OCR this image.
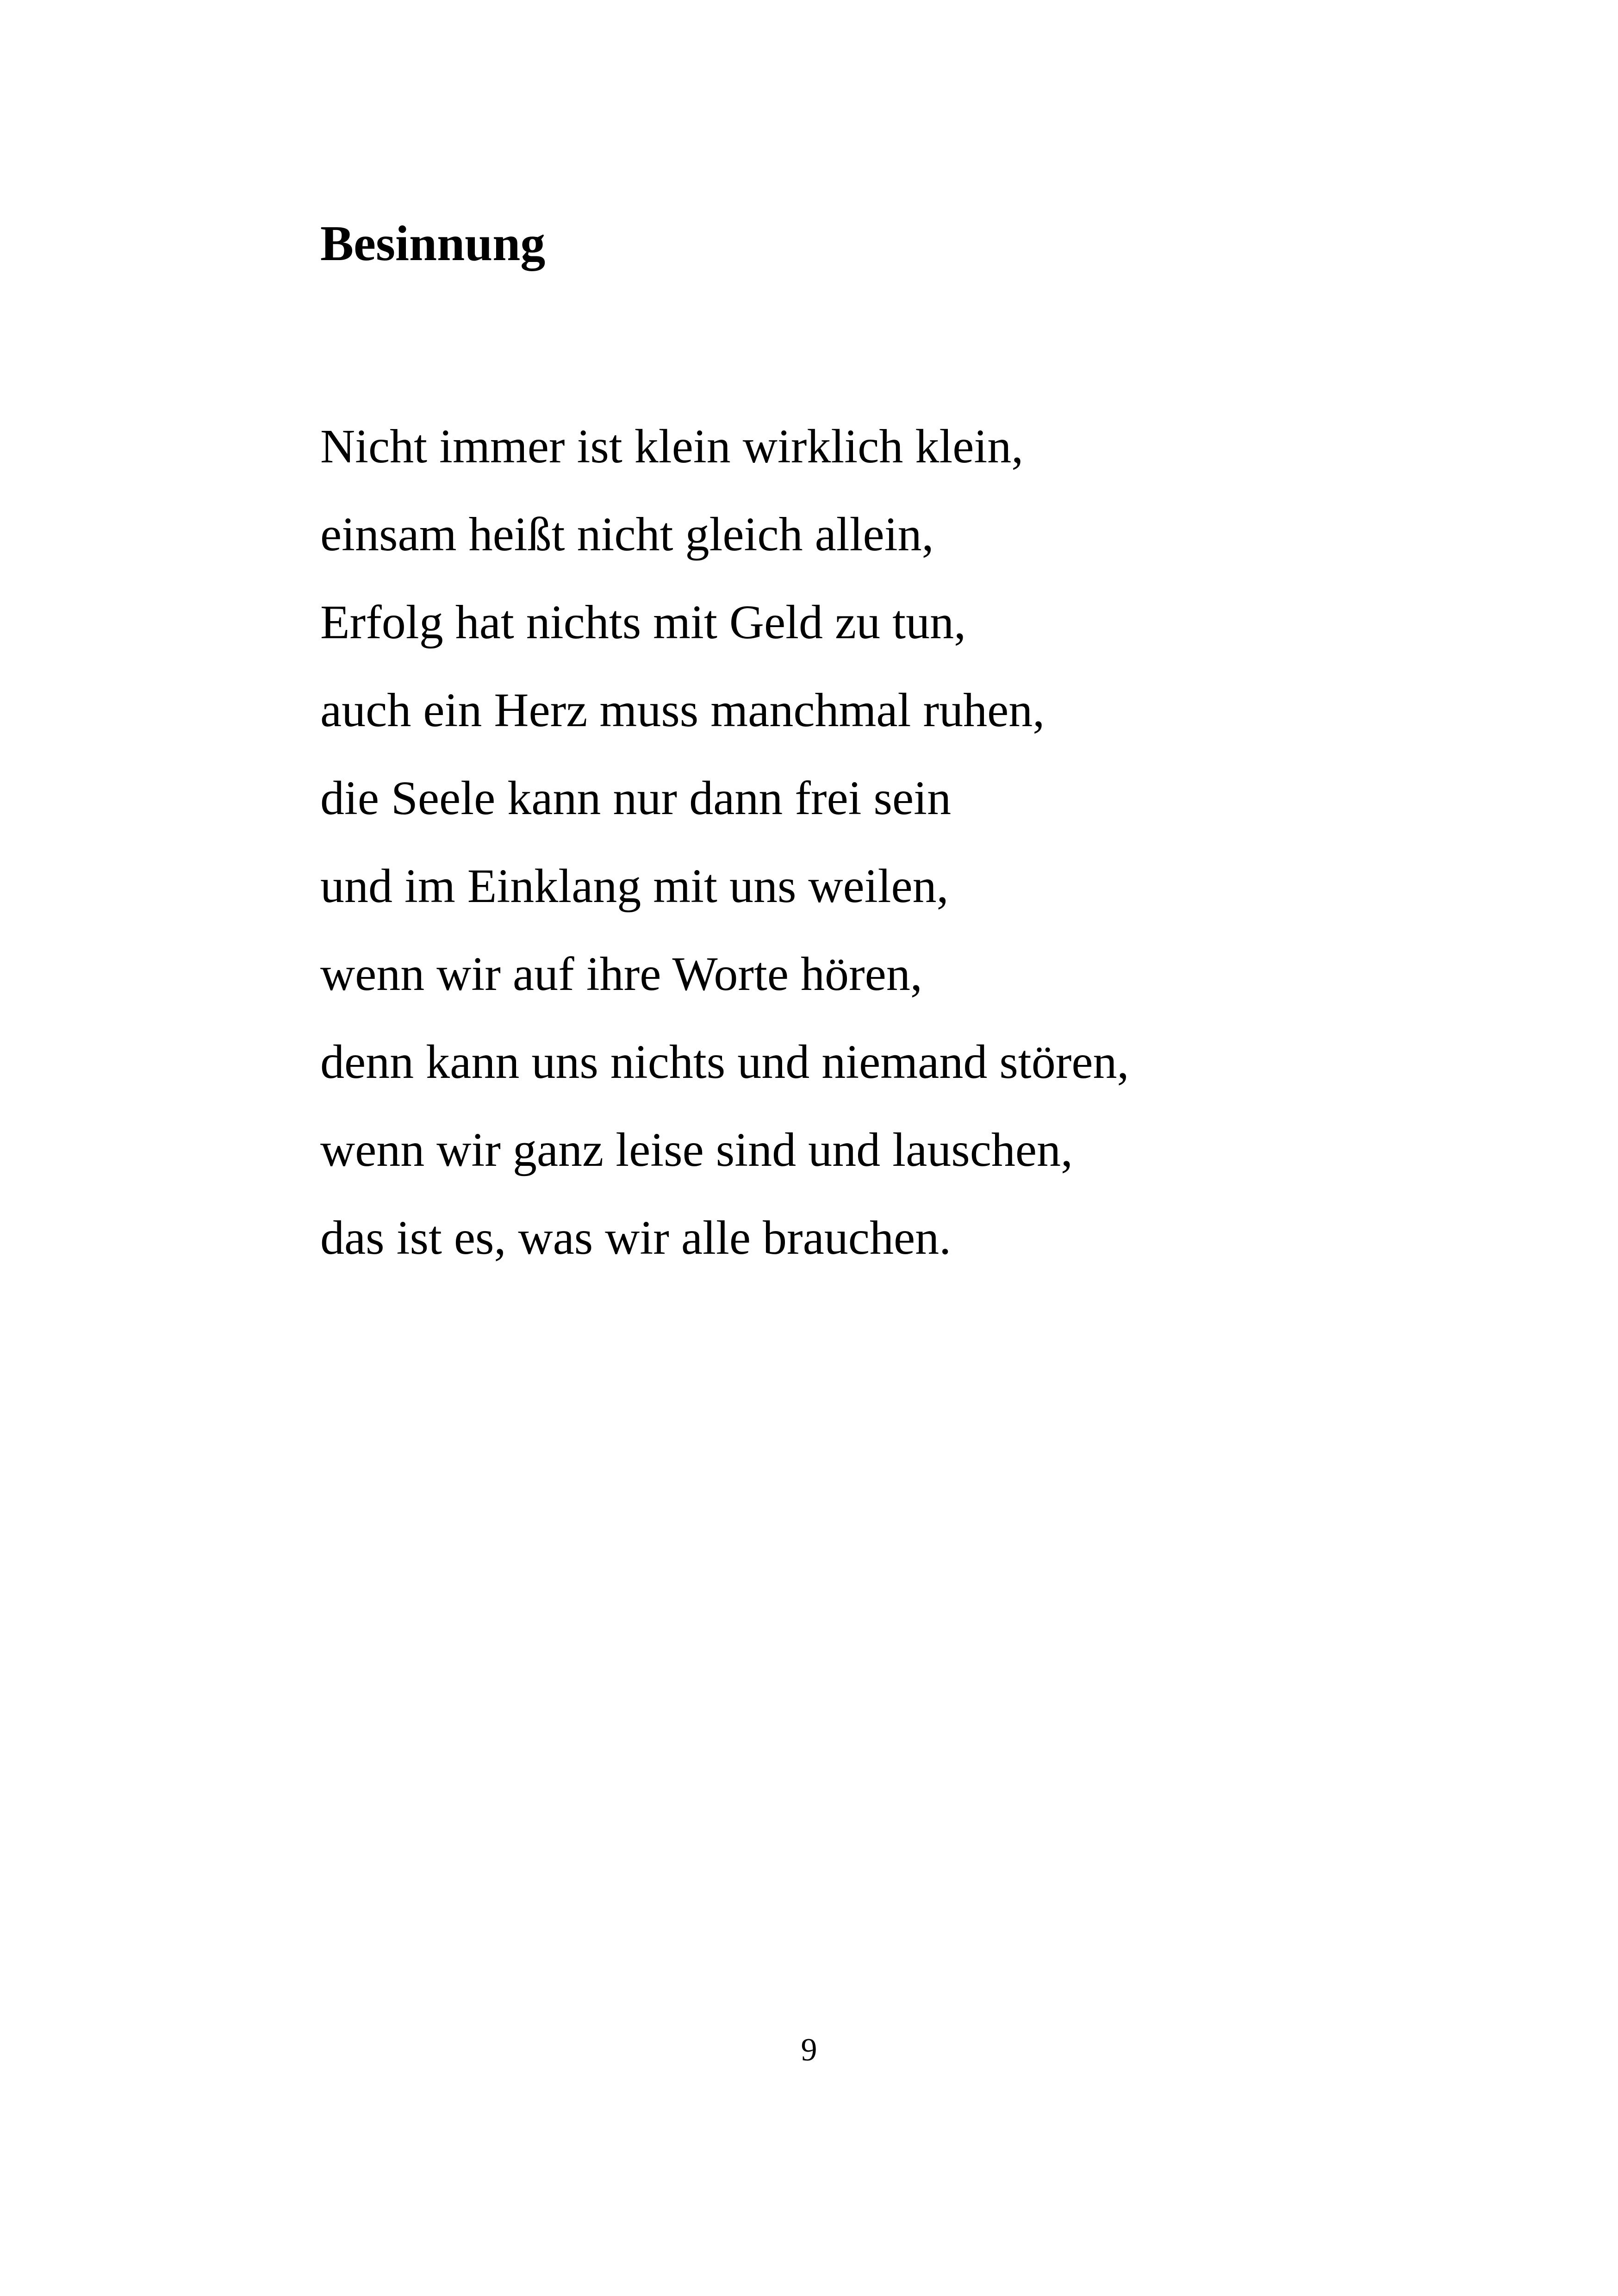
Besinnung
Nicht immer ist klein wirklich klein,
einsam heißt nicht gleich allein,
Erfolg hat nichts mit Geld zu tun,
auch ein Herz muss manchmal ruhen,
die Seele kann nur dann frei sein
und im Einklang mit uns weilen,
wenn wir auf ihre Worte hören,
denn kann uns nichts und niemand stören,
wenn wir ganz leise sind und lauschen,
das ist es, was wir alle brauchen.
9
